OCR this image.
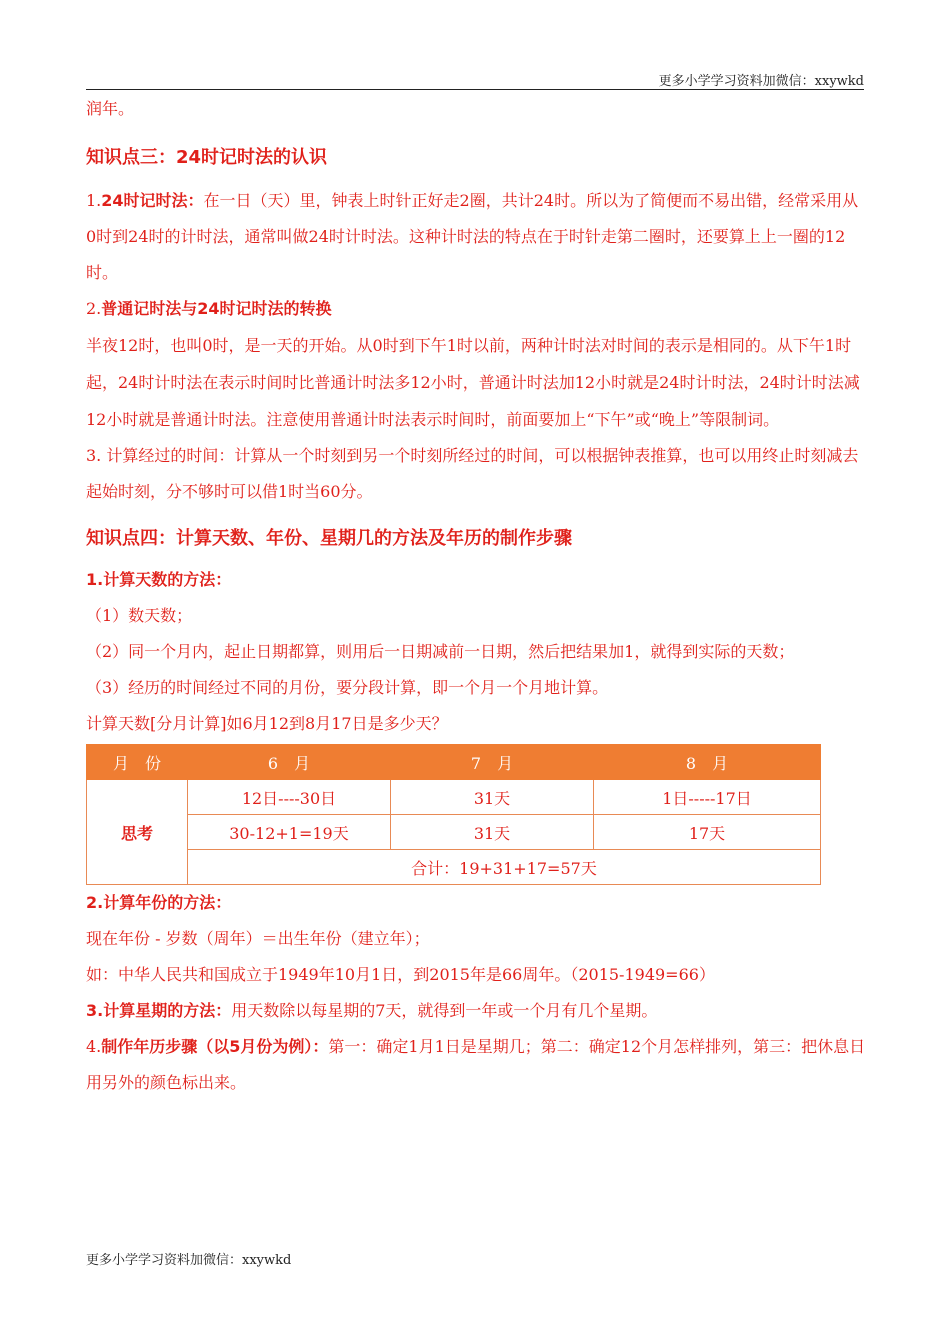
更多小学学习资料加微信：xxywkd

润年。

知识点三：24时记时法的认识

1.24时记时法：在一日（天）里，钟表上时针正好走2圈，共计24时。所以为了简便而不易出错，经常采用从0时到24时的计时法，通常叫做24时计时法。这种计时法的特点在于时针走第二圈时，还要算上上一圈的12时。

2.普通记时法与24时记时法的转换

半夜12时，也叫0时，是一天的开始。从0时到下午1时以前，两种计时法对时间的表示是相同的。从下午1时起，24时计时法在表示时间时比普通计时法多12小时，普通计时法加12小时就是24时计时法，24时计时法减12小时就是普通计时法。注意使用普通计时法表示时间时，前面要加上“下午”或“晚上”等限制词。

3. 计算经过的时间：计算从一个时刻到另一个时刻所经过的时间，可以根据钟表推算，也可以用终止时刻减去起始时刻，分不够时可以借1时当60分。

知识点四：计算天数、年份、星期几的方法及年历的制作步骤

1.计算天数的方法：

（1）数天数；

（2）同一个月内，起止日期都算，则用后一日期减前一日期，然后把结果加1，就得到实际的天数；

（3）经历的时间经过不同的月份，要分段计算，即一个月一个月地计算。

计算天数[分月计算]如6月12到8月17日是多少天？

月　份	6　月	7　月	8　月
思考	12日----30日	31天	1日-----17日
	30-12+1=19天	31天	17天
	合计：19+31+17=57天		

2.计算年份的方法：

现在年份 - 岁数（周年）＝出生年份（建立年）；

如：中华人民共和国成立于1949年10月1日，到2015年是66周年。（2015-1949=66）

3.计算星期的方法：用天数除以每星期的7天，就得到一年或一个月有几个星期。

4.制作年历步骤（以5月份为例）：第一：确定1月1日是星期几；第二：确定12个月怎样排列，第三：把休息日用另外的颜色标出来。

更多小学学习资料加微信：xxywkd
